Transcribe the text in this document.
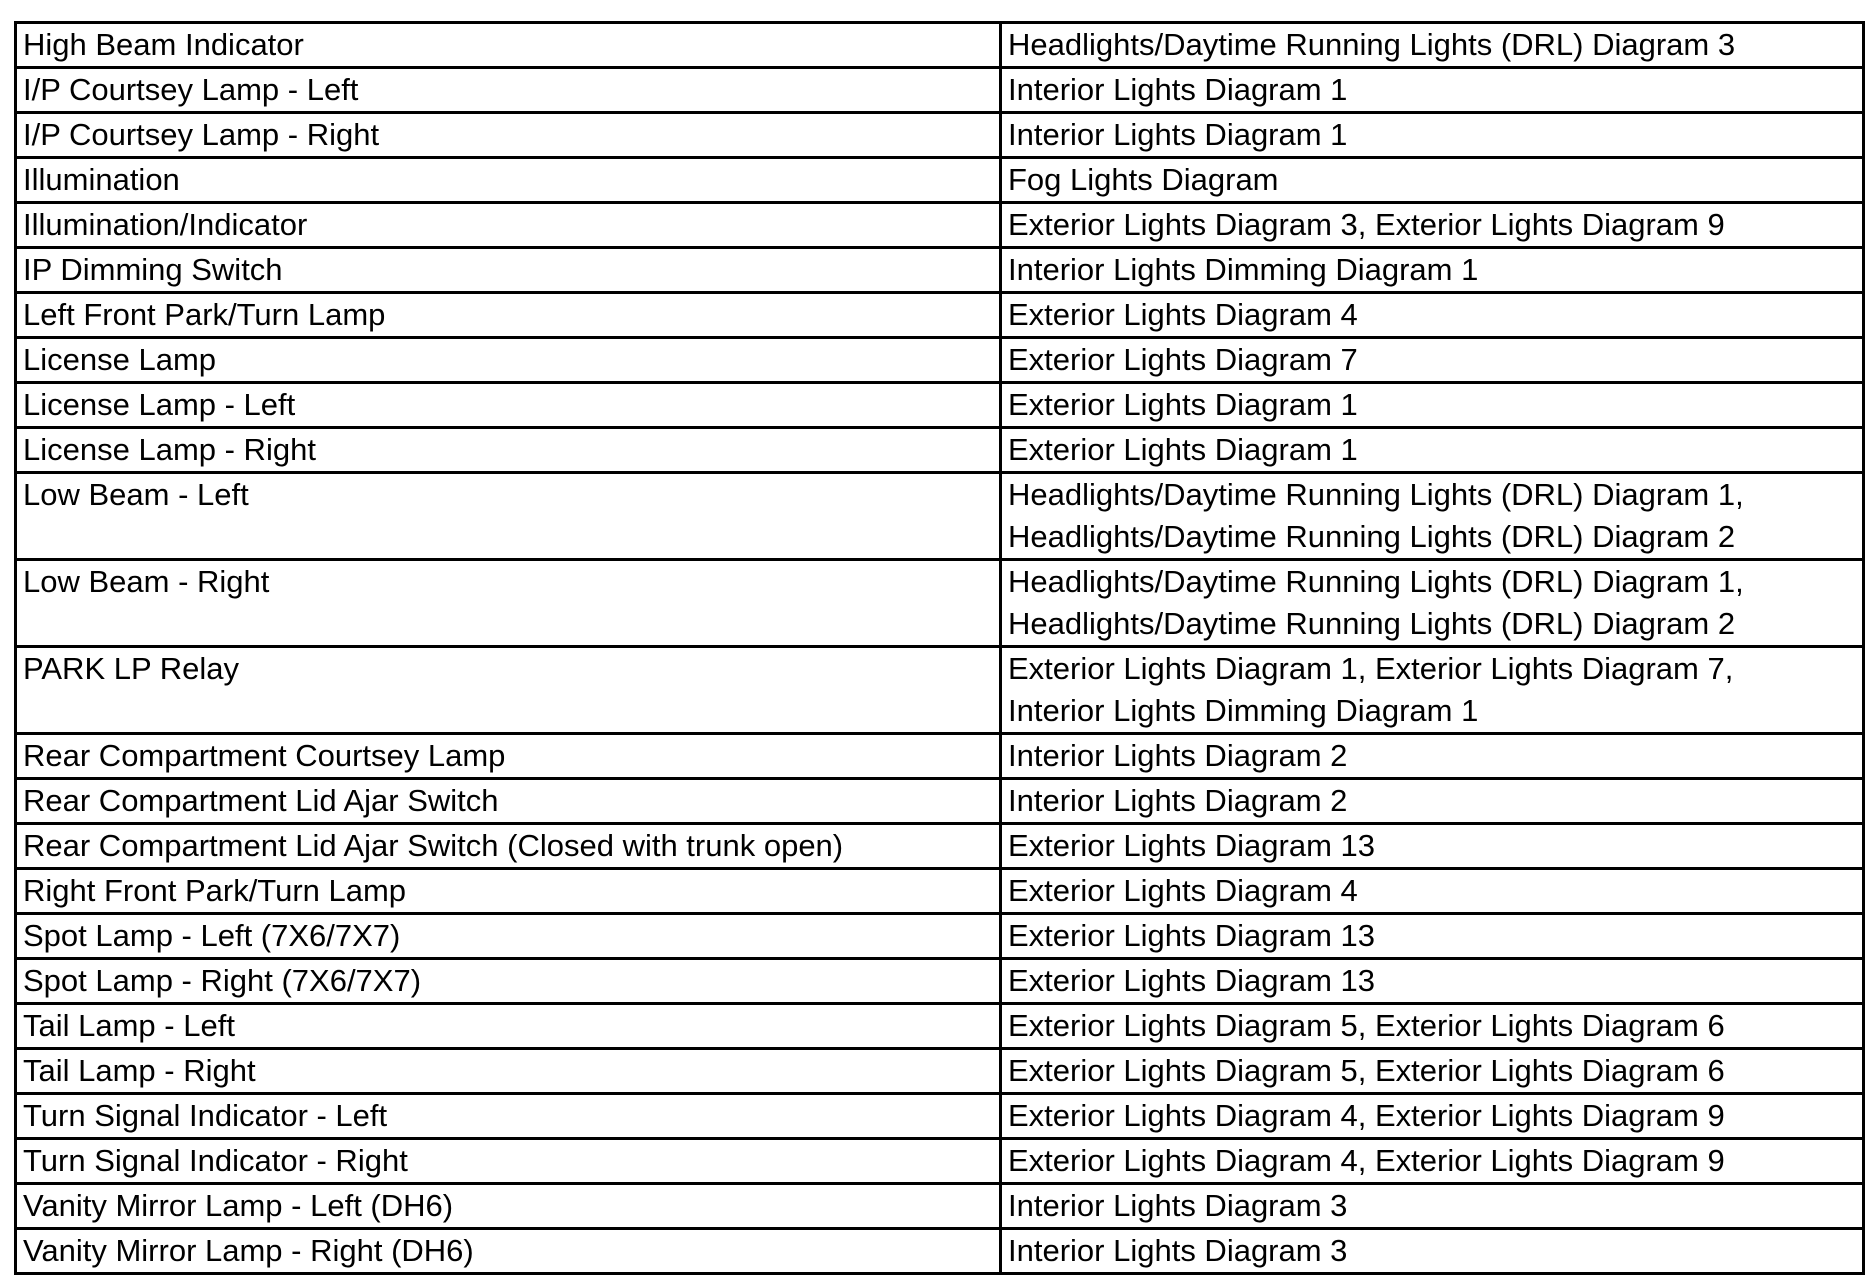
High Beam Indicator	Headlights/Daytime Running Lights (DRL) Diagram 3

I/P Courtsey Lamp - Left	Interior Lights Diagram 1

I/P Courtsey Lamp - Right	Interior Lights Diagram 1

Illumination	Fog Lights Diagram

Illumination/Indicator	Exterior Lights Diagram 3, Exterior Lights Diagram 9

IP Dimming Switch	Interior Lights Dimming Diagram 1

Left Front Park/Turn Lamp	Exterior Lights Diagram 4

License Lamp	Exterior Lights Diagram 7

License Lamp - Left	Exterior Lights Diagram 1

License Lamp - Right	Exterior Lights Diagram 1

Low Beam - Left	Headlights/Daytime Running Lights (DRL) Diagram 1,
Headlights/Daytime Running Lights (DRL) Diagram 2

Low Beam - Right	Headlights/Daytime Running Lights (DRL) Diagram 1,
Headlights/Daytime Running Lights (DRL) Diagram 2

PARK LP Relay	Exterior Lights Diagram 1, Exterior Lights Diagram 7,
Interior Lights Dimming Diagram 1

Rear Compartment Courtsey Lamp	Interior Lights Diagram 2

Rear Compartment Lid Ajar Switch	Interior Lights Diagram 2

Rear Compartment Lid Ajar Switch (Closed with trunk open)	Exterior Lights Diagram 13

Right Front Park/Turn Lamp	Exterior Lights Diagram 4

Spot Lamp - Left (7X6/7X7)	Exterior Lights Diagram 13

Spot Lamp - Right (7X6/7X7)	Exterior Lights Diagram 13

Tail Lamp - Left	Exterior Lights Diagram 5, Exterior Lights Diagram 6

Tail Lamp - Right	Exterior Lights Diagram 5, Exterior Lights Diagram 6

Turn Signal Indicator - Left	Exterior Lights Diagram 4, Exterior Lights Diagram 9

Turn Signal Indicator - Right	Exterior Lights Diagram 4, Exterior Lights Diagram 9

Vanity Mirror Lamp - Left (DH6)	Interior Lights Diagram 3

Vanity Mirror Lamp - Right (DH6)	Interior Lights Diagram 3
